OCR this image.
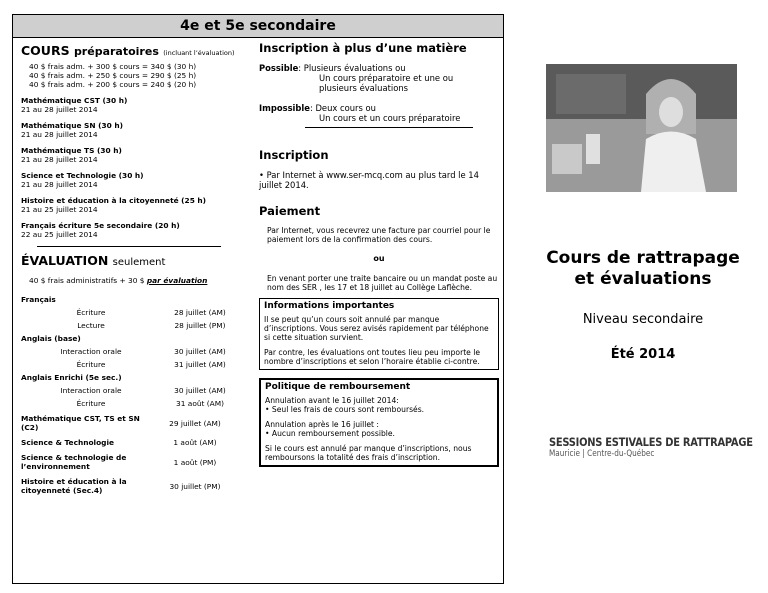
4e et 5e secondaire
COURS préparatoires (incluant l’évaluation)
40 $ frais adm. + 300 $ cours = 340 $ (30 h)
40 $ frais adm. + 250 $ cours = 290 $ (25 h)
40 $ frais adm. + 200 $ cours = 240 $ (20 h)
Mathématique CST (30 h)
21 au 28 juillet 2014
Mathématique SN (30 h)
21 au 28 juillet 2014
Mathématique TS (30 h)
21 au 28 juillet 2014
Science et Technologie (30 h)
21 au 28 juillet 2014
Histoire et éducation à la citoyenneté (25 h)
21 au 25 juillet 2014
Français écriture 5e secondaire (20 h)
22 au 25 juillet 2014
ÉVALUATION seulement
40 $ frais administratifs + 30 $ par évaluation
Français
Écriture	28 juillet (AM)
Lecture	28 juillet (PM)
Anglais (base)
Interaction orale	30 juillet (AM)
Écriture	31 juillet (AM)
Anglais Enrichi (5e sec.)
Interaction orale	30 juillet (AM)
Écriture	31 août (AM)
Mathématique CST, TS et SN (C2)	29 juillet (AM)
Science & Technologie	1 août (AM)
Science & technologie de l’environnement	1 août (PM)
Histoire et éducation à la citoyenneté (Sec.4)	30 juillet (PM)
Inscription à plus d’une matière
Possible: Plusieurs évaluations ou
Un cours préparatoire et une ou
plusieurs évaluations
Impossible: Deux cours ou
Un cours et un cours préparatoire
Inscription
• Par Internet à www.ser-mcq.com au plus tard le 14 juillet 2014.
Paiement
Par Internet, vous recevrez une facture par courriel pour le paiement lors de la confirmation des cours.
ou
En venant porter une traite bancaire ou un mandat poste au nom des SER , les 17 et 18 juillet au Collège Laflèche.
Informations importantes
Il se peut qu’un cours soit annulé par manque d’inscriptions. Vous serez avisés rapidement par téléphone si cette situation survient.
Par contre, les évaluations ont toutes lieu peu importe le nombre d’inscriptions et selon l’horaire établie ci-contre.
Politique de remboursement
Annulation avant le 16 juillet 2014:
• Seul les frais de cours sont remboursés.
Annulation après le 16 juillet :
• Aucun remboursement possible.
Si le cours est annulé par manque d’inscriptions, nous remboursons la totalité des frais d’inscription.
Cours de rattrapage
et évaluations
Niveau secondaire
Été 2014
SESSIONS ESTIVALES DE RATTRAPAGE
Mauricie | Centre-du-Québec
